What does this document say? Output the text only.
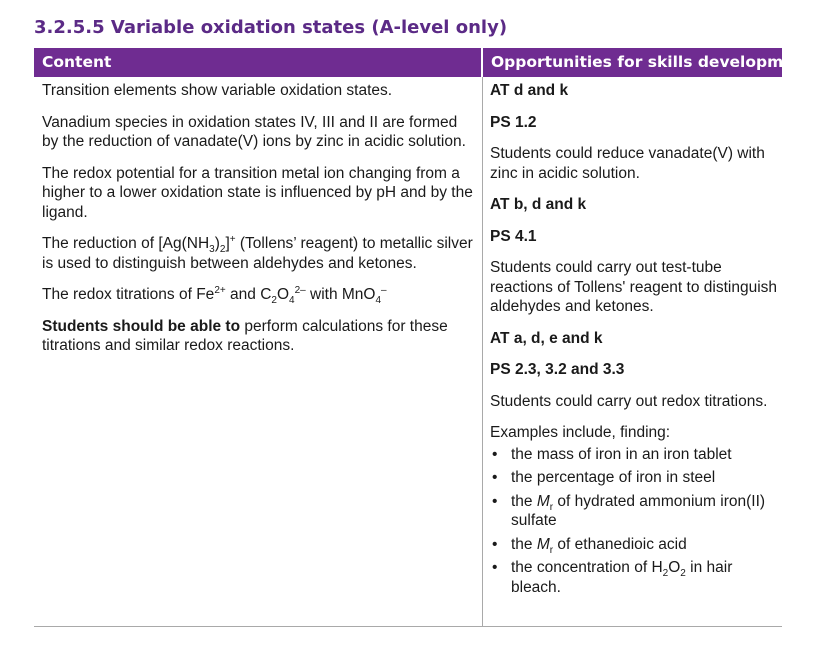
3.2.5.5 Variable oxidation states (A-level only)
Content	Opportunities for skills development

Transition elements show variable oxidation states.

Vanadium species in oxidation states IV, III and II are formed by the reduction of vanadate(V) ions by zinc in acidic solution.

The redox potential for a transition metal ion changing from a higher to a lower oxidation state is influenced by pH and by the ligand.

The reduction of $[Ag(NH_3)_2]^+$ (Tollens’ reagent) to metallic silver is used to distinguish between aldehydes and ketones.

The redox titrations of $Fe^{2+}$ and $C_2O_4^{2-}$ with MnO$_4$–

Students should be able to perform calculations for these titrations and similar redox reactions.

AT d and k

PS 1.2

Students could reduce vanadate(V) with zinc in acidic solution.

AT b, d and k

PS 4.1

Students could carry out test-tube reactions of Tollens' reagent to distinguish aldehydes and ketones.

AT a, d, e and k

PS 2.3, 3.2 and 3.3

Students could carry out redox titrations.

Examples include, finding:

• the mass of iron in an iron tablet
• the percentage of iron in steel
• the $M_r$ of hydrated ammonium iron(II) sulfate
• the $M_r$ of ethanedioic acid
• the concentration of $H_2O_2$ in hair bleach.
